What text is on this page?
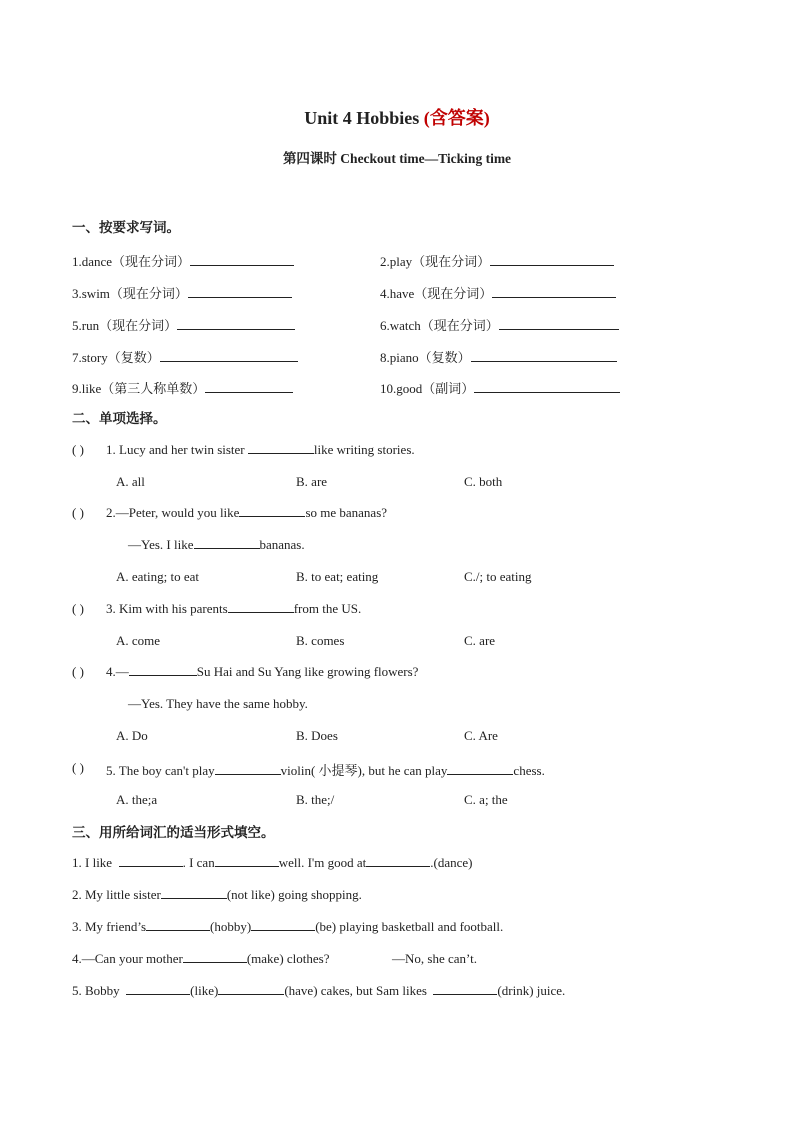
Unit 4 Hobbies (含答案)
第四课时 Checkout time—Ticking time
一、按要求写词。
1.dance（现在分词）	2.play（现在分词）
3.swim（现在分词）	4.have（现在分词）
5.run（现在分词）	6.watch（现在分词）
7.story（复数）	8.piano（复数）
9.like（第三人称单数）	10.good（副词）
二、单项选择。
( ) 1. Lucy and her twin sister	like writing stories.
A. all	B. are	C. both
( ) 2.—Peter, would you like	so me bananas?
—Yes. I like	bananas.
A. eating; to eat	B. to eat; eating	C./; to eating
( ) 3. Kim with his parents	from the US.
A. come	B. comes	C. are
( ) 4.—	Su Hai and Su Yang like growing flowers?
—Yes. They have the same hobby.
A. Do	B. Does	C. Are
( ) 5. The boy can't play	violin( 小提琴), but he can play	chess.
A. the;a	B. the;/	C. a; the
三、用所给词汇的适当形式填空。
1. I like	. I can	well. I'm good at	.(dance)
2. My little sister	(not like) going shopping.
3. My friend’s	(hobby)	(be) playing basketball and football.
4.—Can your mother	(make) clothes?	—No, she can’t.
5. Bobby	(like)	(have) cakes, but Sam likes	(drink) juice.
